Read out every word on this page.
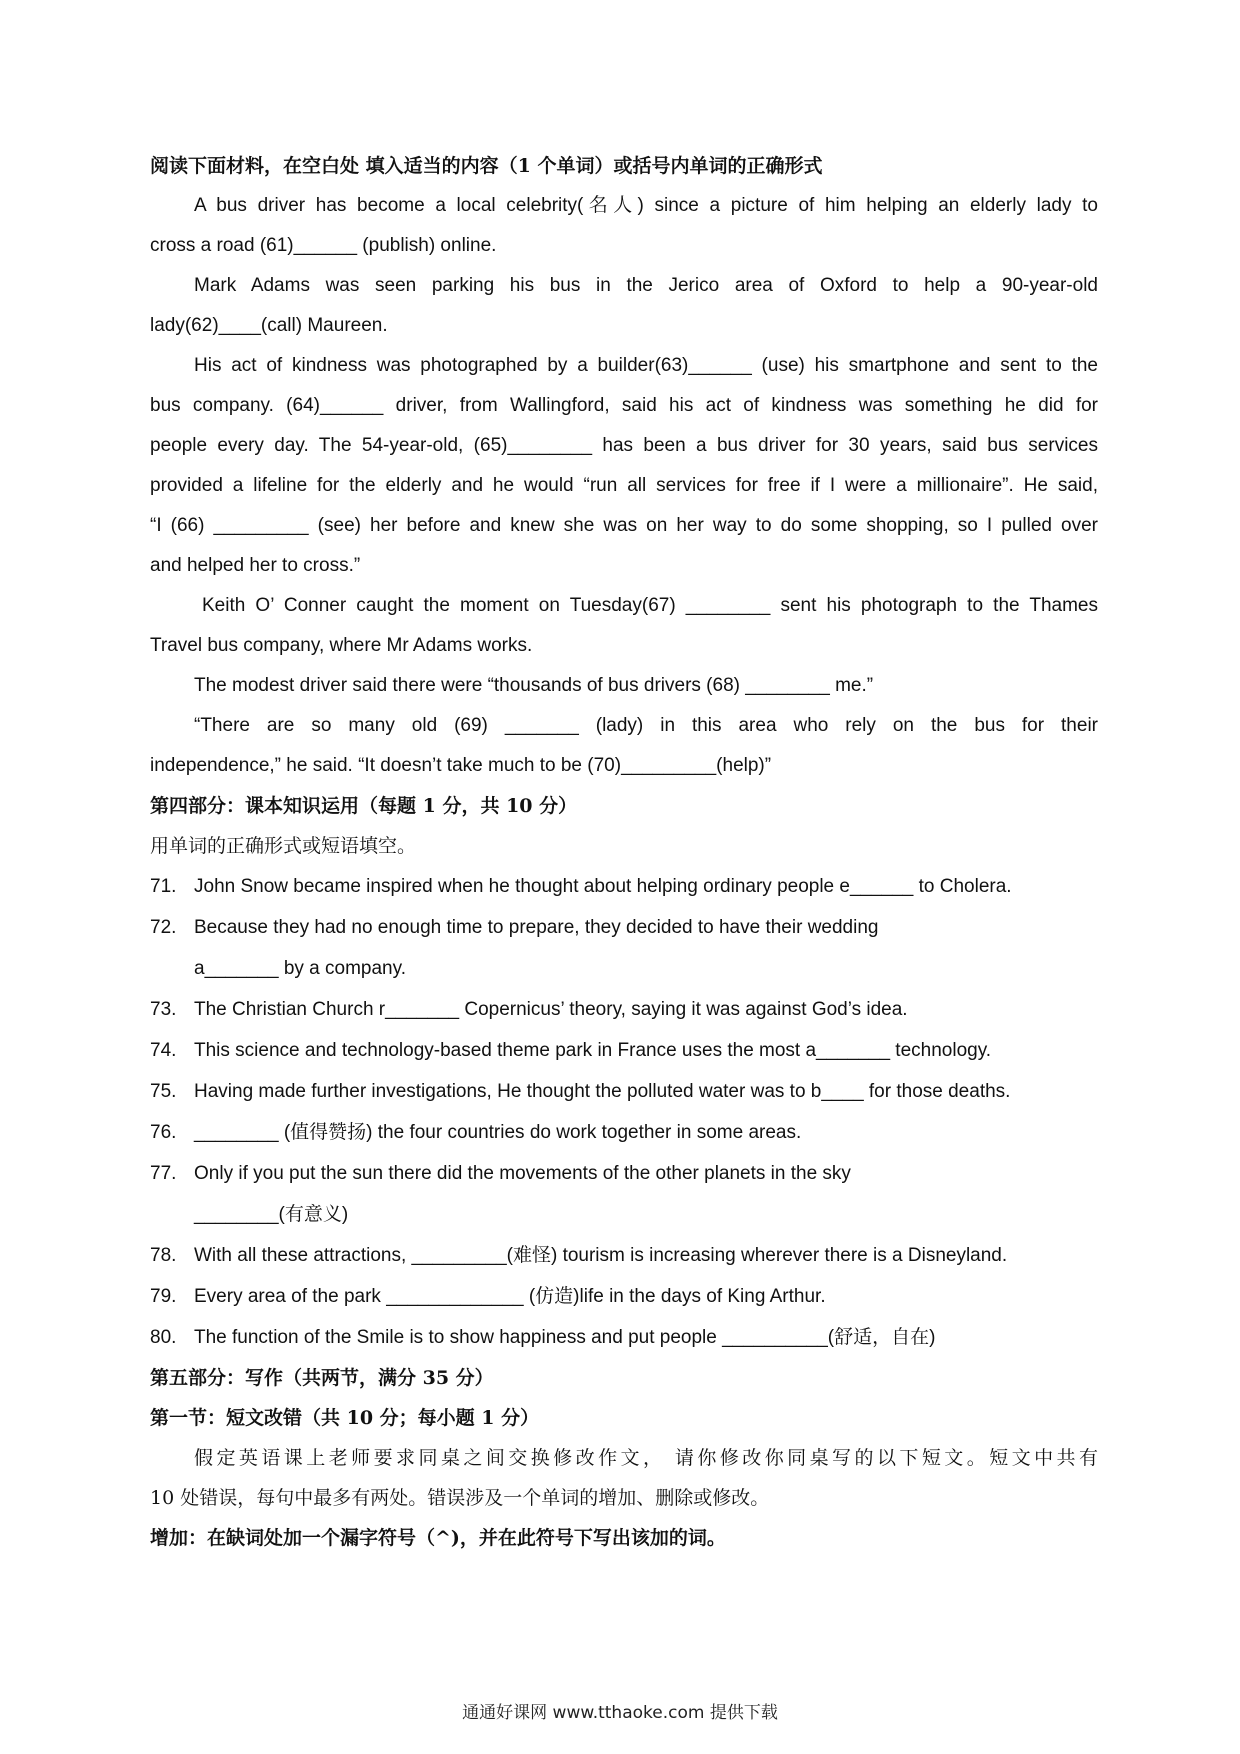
阅读下面材料，在空白处 填入适当的内容（1 个单词）或括号内单词的正确形式
A bus driver has become a local celebrity(名人) since a picture of him helping an elderly lady to
cross a road (61)______ (publish) online.
Mark Adams was seen parking his bus in the Jerico area of Oxford to help a 90-year-old
lady(62)____(call) Maureen.
His act of kindness was photographed by a builder(63)______ (use) his smartphone and sent to the
bus company. (64)______ driver, from Wallingford, said his act of kindness was something he did for
people every day. The 54-year-old, (65)________ has been a bus driver for 30 years, said bus services
provided a lifeline for the elderly and he would “run all services for free if I were a millionaire”. He said,
“I (66) _________ (see) her before and knew she was on her way to do some shopping, so I pulled over
and helped her to cross.”
Keith O’ Conner caught the moment on Tuesday(67) ________ sent his photograph to the Thames
Travel bus company, where Mr Adams works.
The modest driver said there were “thousands of bus drivers (68) ________ me.”
“There are so many old (69) _______ (lady) in this area who rely on the bus for their
independence,” he said. “It doesn’t take much to be (70)_________(help)”
第四部分：课本知识运用（每题 1 分，共 10 分）
用单词的正确形式或短语填空。
71. John Snow became inspired when he thought about helping ordinary people e______ to Cholera.
72. Because they had no enough time to prepare, they decided to have their wedding
a_______ by a company.
73. The Christian Church r_______ Copernicus’ theory, saying it was against God’s idea.
74. This science and technology-based theme park in France uses the most a_______ technology.
75. Having made further investigations, He thought the polluted water was to b____ for those deaths.
76. ________ (值得赞扬) the four countries do work together in some areas.
77. Only if you put the sun there did the movements of the other planets in the sky
________(有意义)
78. With all these attractions, _________(难怪) tourism is increasing wherever there is a Disneyland.
79. Every area of the park _____________ (仿造)life in the days of King Arthur.
80. The function of the Smile is to show happiness and put people __________(舒适，自在)
第五部分：写作（共两节，满分 35 分）
第一节：短文改错（共 10 分；每小题 1 分）
假定英语课上老师要求同桌之间交换修改作文， 请你修改你同桌写的以下短文。短文中共有
10 处错误，每句中最多有两处。错误涉及一个单词的增加、删除或修改。
增加：在缺词处加一个漏字符号（^)，并在此符号下写出该加的词。
通通好课网 www.tthaoke.com 提供下载
